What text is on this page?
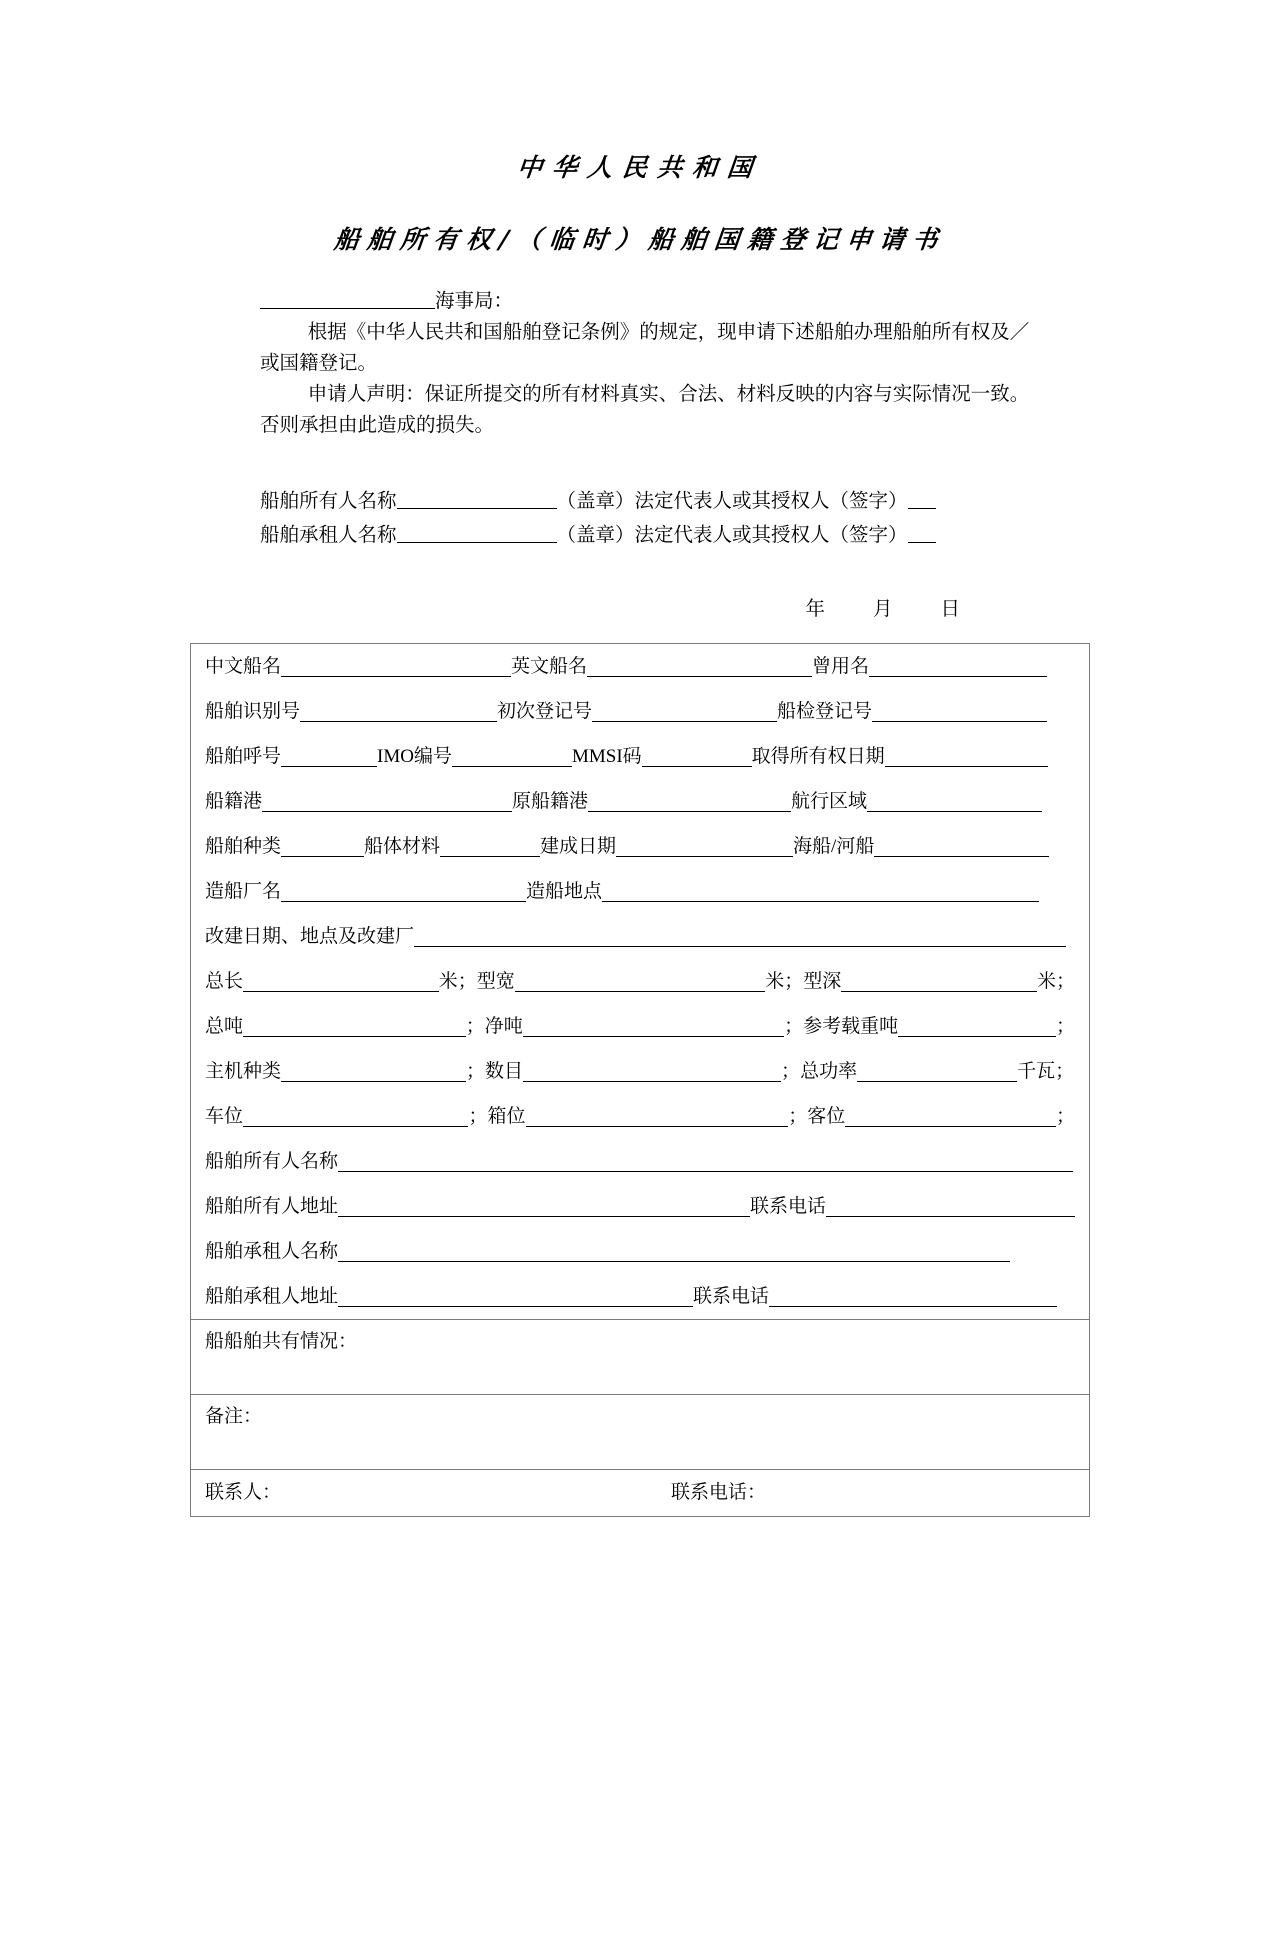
中华人民共和国
船舶所有权/（临时）船舶国籍登记申请书
海事局：
根据《中华人民共和国船舶登记条例》的规定，现申请下述船舶办理船舶所有权及／
或国籍登记。
申请人声明：保证所提交的所有材料真实、合法、材料反映的内容与实际情况一致。
否则承担由此造成的损失。
船舶所有人名称	（盖章）法定代表人或其授权人（签字）
船舶承租人名称	（盖章）法定代表人或其授权人（签字）
年 月 日
中文船名	英文船名	曾用名
船舶识别号	初次登记号	船检登记号
船舶呼号	IMO编号	MMSI码	取得所有权日期
船籍港	原船籍港	航行区域
船舶种类	船体材料	建成日期	海船/河船
造船厂名	造船地点
改建日期、地点及改建厂
总长	米； 型宽	米； 型深	米；
总吨	； 净吨	； 参考载重吨	；
主机种类	； 数目	； 总功率	千瓦；
车位	； 箱位	； 客位	；
船舶所有人名称
船舶所有人地址	联系电话
船舶承租人名称
船舶承租人地址	联系电话
船船舶共有情况：
备注：
联系人：	联系电话：
